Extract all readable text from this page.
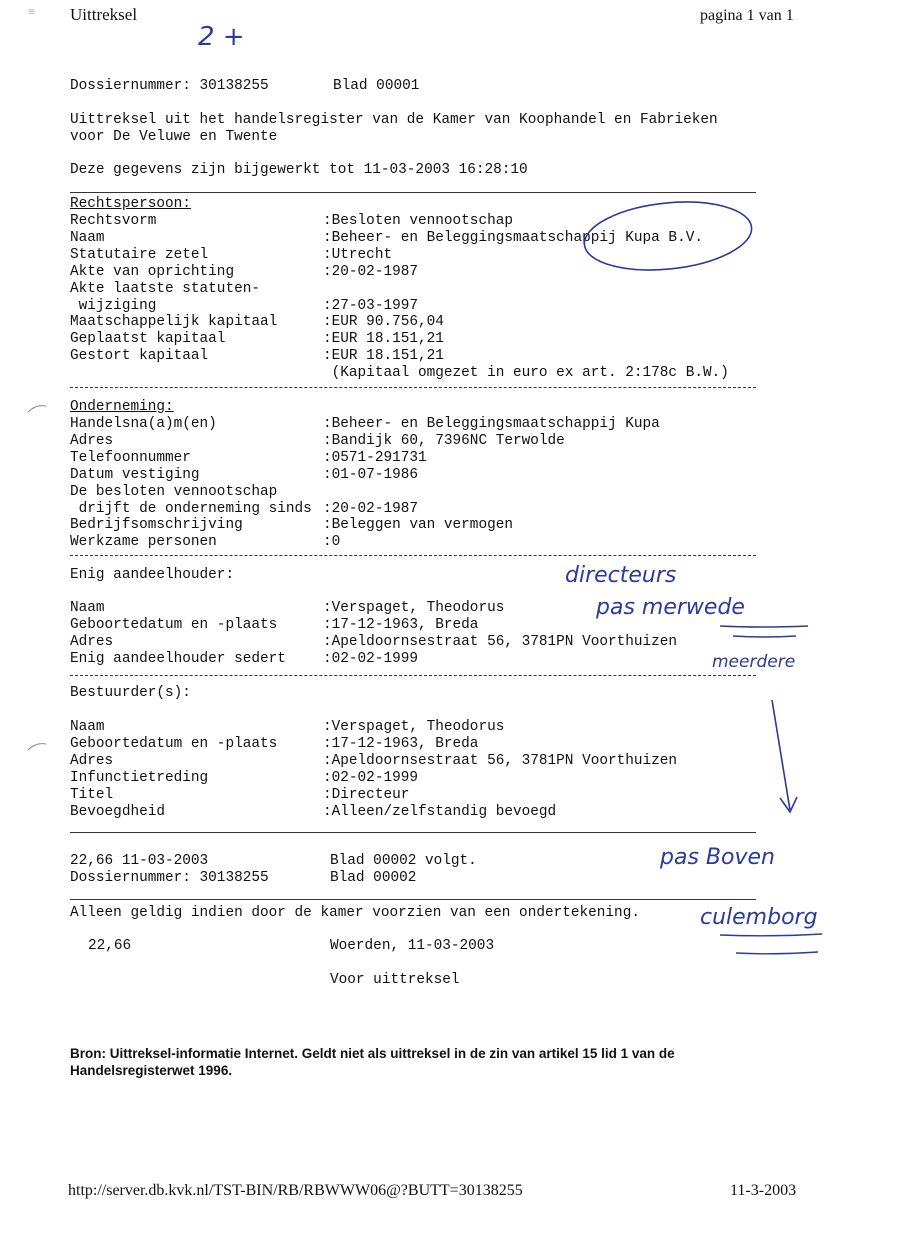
≡ Uittreksel	pagina 1 van 1
2 +
Dossiernummer: 30138255	Blad 00001
Uittreksel uit het handelsregister van de Kamer van Koophandel en Fabrieken
voor De Veluwe en Twente
Deze gegevens zijn bijgewerkt tot 11-03-2003 16:28:10
Rechtspersoon:
Rechtsvorm	:Besloten vennootschap
Naam	:Beheer- en Beleggingsmaatschappij Kupa B.V.
Statutaire zetel	:Utrecht
Akte van oprichting	:20-02-1987
Akte laatste statuten-
wijziging	:27-03-1997
Maatschappelijk kapitaal	:EUR 90.756,04
Geplaatst kapitaal	:EUR 18.151,21
Gestort kapitaal	:EUR 18.151,21
(Kapitaal omgezet in euro ex art. 2:178c B.W.)
Onderneming:
Handelsna(a)m(en)	:Beheer- en Beleggingsmaatschappij Kupa
Adres	:Bandijk 60, 7396NC Terwolde
Telefoonnummer	:0571-291731
Datum vestiging	:01-07-1986
De besloten vennootschap
drijft de onderneming sinds :20-02-1987
Bedrijfsomschrijving	:Beleggen van vermogen
Werkzame personen	:0
Enig aandeelhouder:
Naam	:Verspaget, Theodorus
Geboortedatum en -plaats	:17-12-1963, Breda
Adres	:Apeldoornsestraat 56, 3781PN Voorthuizen
Enig aandeelhouder sedert	:02-02-1999
Bestuurder(s):
Naam	:Verspaget, Theodorus
Geboortedatum en -plaats	:17-12-1963, Breda
Adres	:Apeldoornsestraat 56, 3781PN Voorthuizen
Infunctietreding	:02-02-1999
Titel	:Directeur
Bevoegdheid	:Alleen/zelfstandig bevoegd
22,66 11-03-2003	Blad 00002 volgt.
Dossiernummer: 30138255	Blad 00002
Alleen geldig indien door de kamer voorzien van een ondertekening.
22,66	Woerden, 11-03-2003
Voor uittreksel
Bron: Uittreksel-informatie Internet. Geldt niet als uittreksel in de zin van artikel 15 lid 1 van de Handelsregisterwet 1996.
http://server.db.kvk.nl/TST-BIN/RB/RBWWW06@?BUTT=30138255	11-3-2003
directeurs
pas merwede
meerdere
pas Boven
culemborg
